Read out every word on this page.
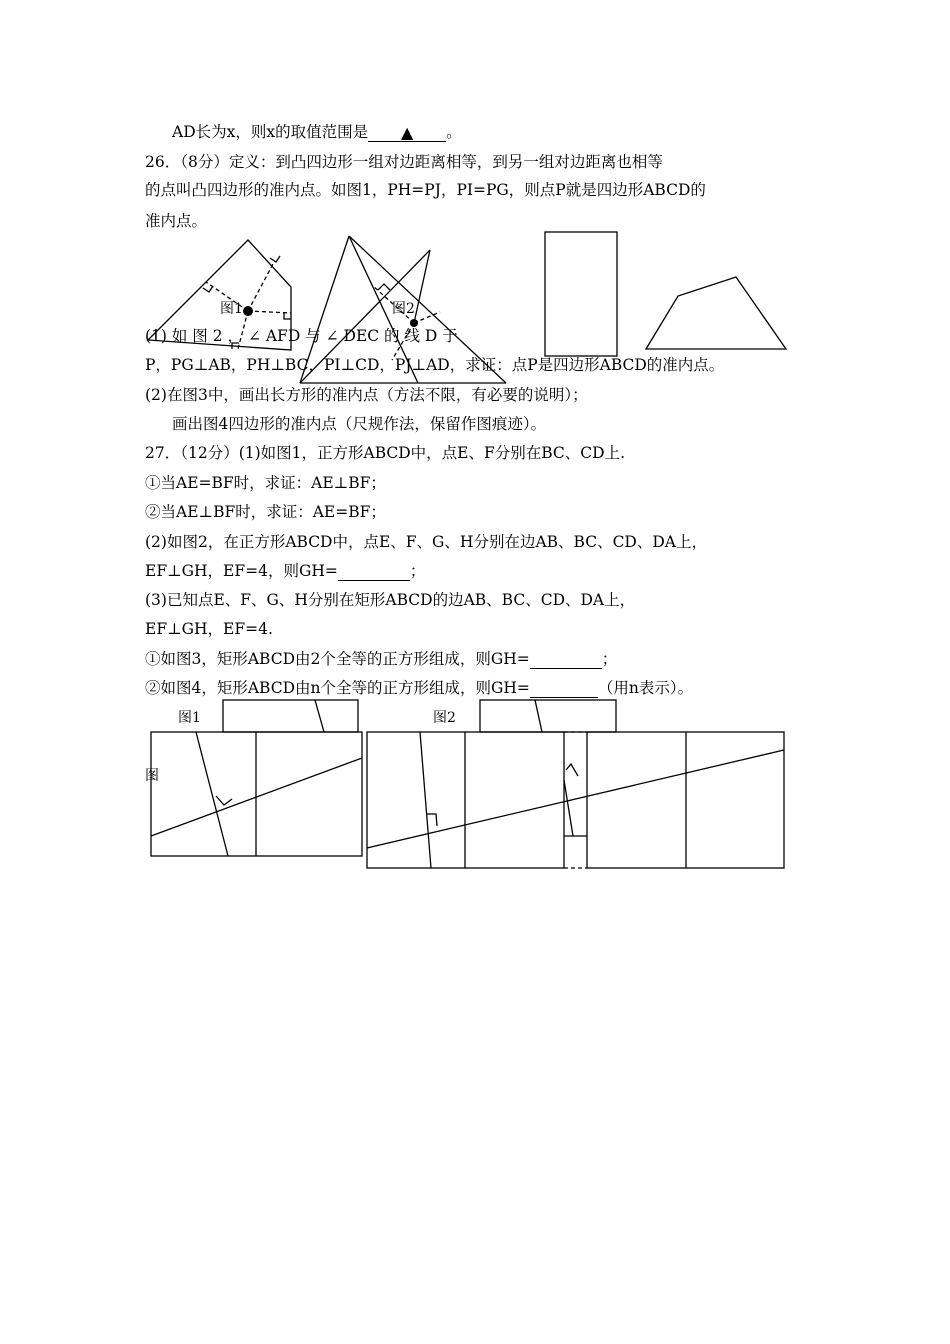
AD长为x，则x的取值范围是 ▲ 。
26．（8分）定义：到凸四边形一组对边距离相等，到另一组对边距离也相等
的点叫凸四边形的准内点。如图1，PH=PJ，PI=PG，则点P就是四边形ABCD的
准内点。
图1	图2
(1) 如 图 2 ， ∠ AFD 与 ∠ DEC 的 线 D 于
P，PG⊥AB，PH⊥BC，PI⊥CD，PJ⊥AD，求证：点P是四边形ABCD的准内点。
(2)在图3中，画出长方形的准内点（方法不限，有必要的说明）；
画出图4四边形的准内点（尺规作法，保留作图痕迹）。
27．（12分）(1)如图1，正方形ABCD中，点E、F分别在BC、CD上.
①当AE=BF时，求证：AE⊥BF；
②当AE⊥BF时，求证：AE=BF；
(2)如图2，在正方形ABCD中，点E、F、G、H分别在边AB、BC、CD、DA上，
EF⊥GH，EF=4，则GH=	；
(3)已知点E、F、G、H分别在矩形ABCD的边AB、BC、CD、DA上，
EF⊥GH，EF=4.
①如图3，矩形ABCD由2个全等的正方形组成，则GH=	；
②如图4，矩形ABCD由n个全等的正方形组成，则GH=	（用n表示）。
图1	图2
图
